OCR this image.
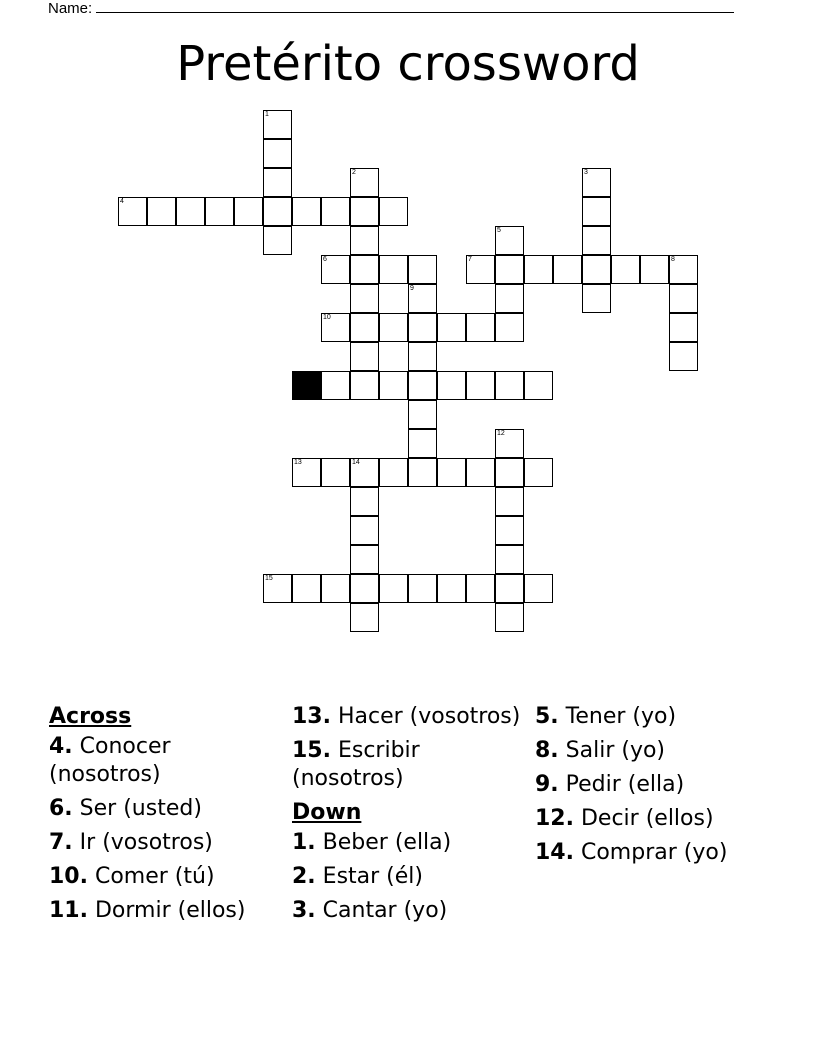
Name:
Pretérito crossword
4
1
2	3
5
6	7	8
9
10
11
12
13	14
15
Across
4. Conocer (nosotros)
6. Ser (usted)
7. Ir (vosotros)
10. Comer (tú)
11. Dormir (ellos)
13. Hacer (vosotros)
15. Escribir (nosotros)
Down
1. Beber (ella)
2. Estar (él)
3. Cantar (yo)
5. Tener (yo)
8. Salir (yo)
9. Pedir (ella)
12. Decir (ellos)
14. Comprar (yo)
